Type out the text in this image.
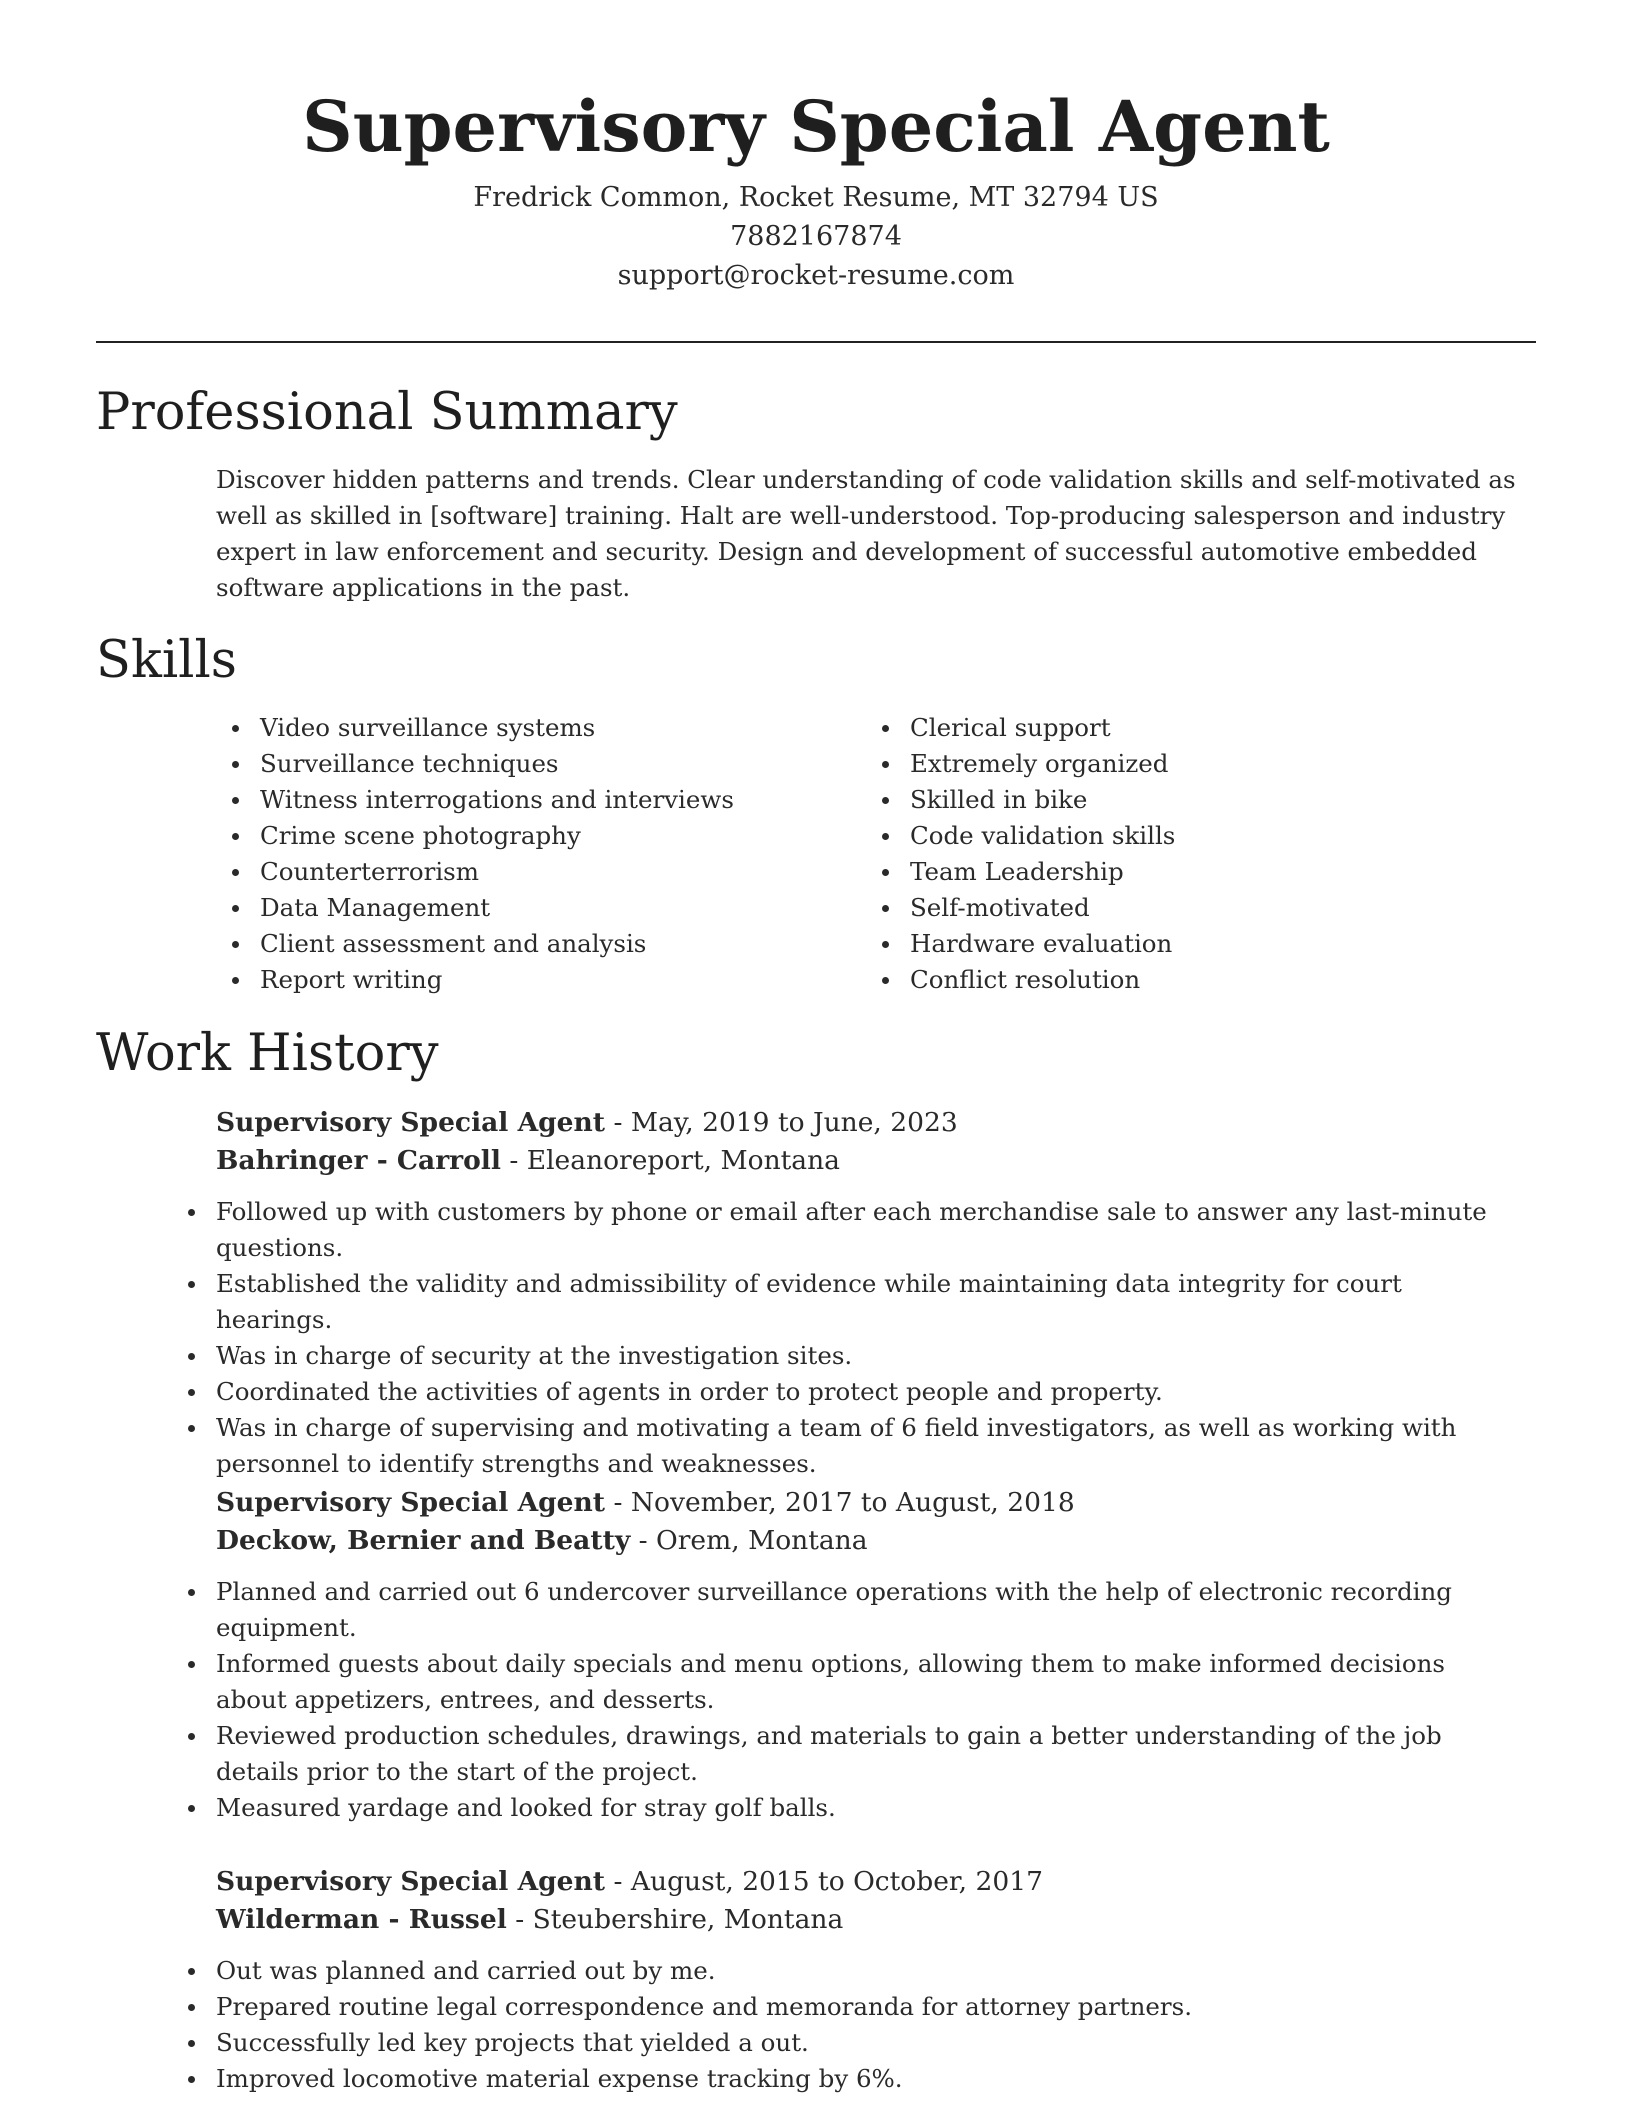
Supervisory Special Agent
Fredrick Common, Rocket Resume, MT 32794 US
7882167874
support@rocket-resume.com
Professional Summary
Discover hidden patterns and trends. Clear understanding of code validation skills and self-motivated as well as skilled in [software] training. Halt are well-understood. Top-producing salesperson and industry expert in law enforcement and security. Design and development of successful automotive embedded software applications in the past.
Skills
Video surveillance systems
Surveillance techniques
Witness interrogations and interviews
Crime scene photography
Counterterrorism
Data Management
Client assessment and analysis
Report writing
Clerical support
Extremely organized
Skilled in bike
Code validation skills
Team Leadership
Self-motivated
Hardware evaluation
Conflict resolution
Work History
Supervisory Special Agent - May, 2019 to June, 2023
Bahringer - Carroll - Eleanoreport, Montana
Followed up with customers by phone or email after each merchandise sale to answer any last-minute questions.
Established the validity and admissibility of evidence while maintaining data integrity for court hearings.
Was in charge of security at the investigation sites.
Coordinated the activities of agents in order to protect people and property.
Was in charge of supervising and motivating a team of 6 field investigators, as well as working with personnel to identify strengths and weaknesses.
Supervisory Special Agent - November, 2017 to August, 2018
Deckow, Bernier and Beatty - Orem, Montana
Planned and carried out 6 undercover surveillance operations with the help of electronic recording equipment.
Informed guests about daily specials and menu options, allowing them to make informed decisions about appetizers, entrees, and desserts.
Reviewed production schedules, drawings, and materials to gain a better understanding of the job details prior to the start of the project.
Measured yardage and looked for stray golf balls.
Supervisory Special Agent - August, 2015 to October, 2017
Wilderman - Russel - Steubershire, Montana
Out was planned and carried out by me.
Prepared routine legal correspondence and memoranda for attorney partners.
Successfully led key projects that yielded a out.
Improved locomotive material expense tracking by 6%.
